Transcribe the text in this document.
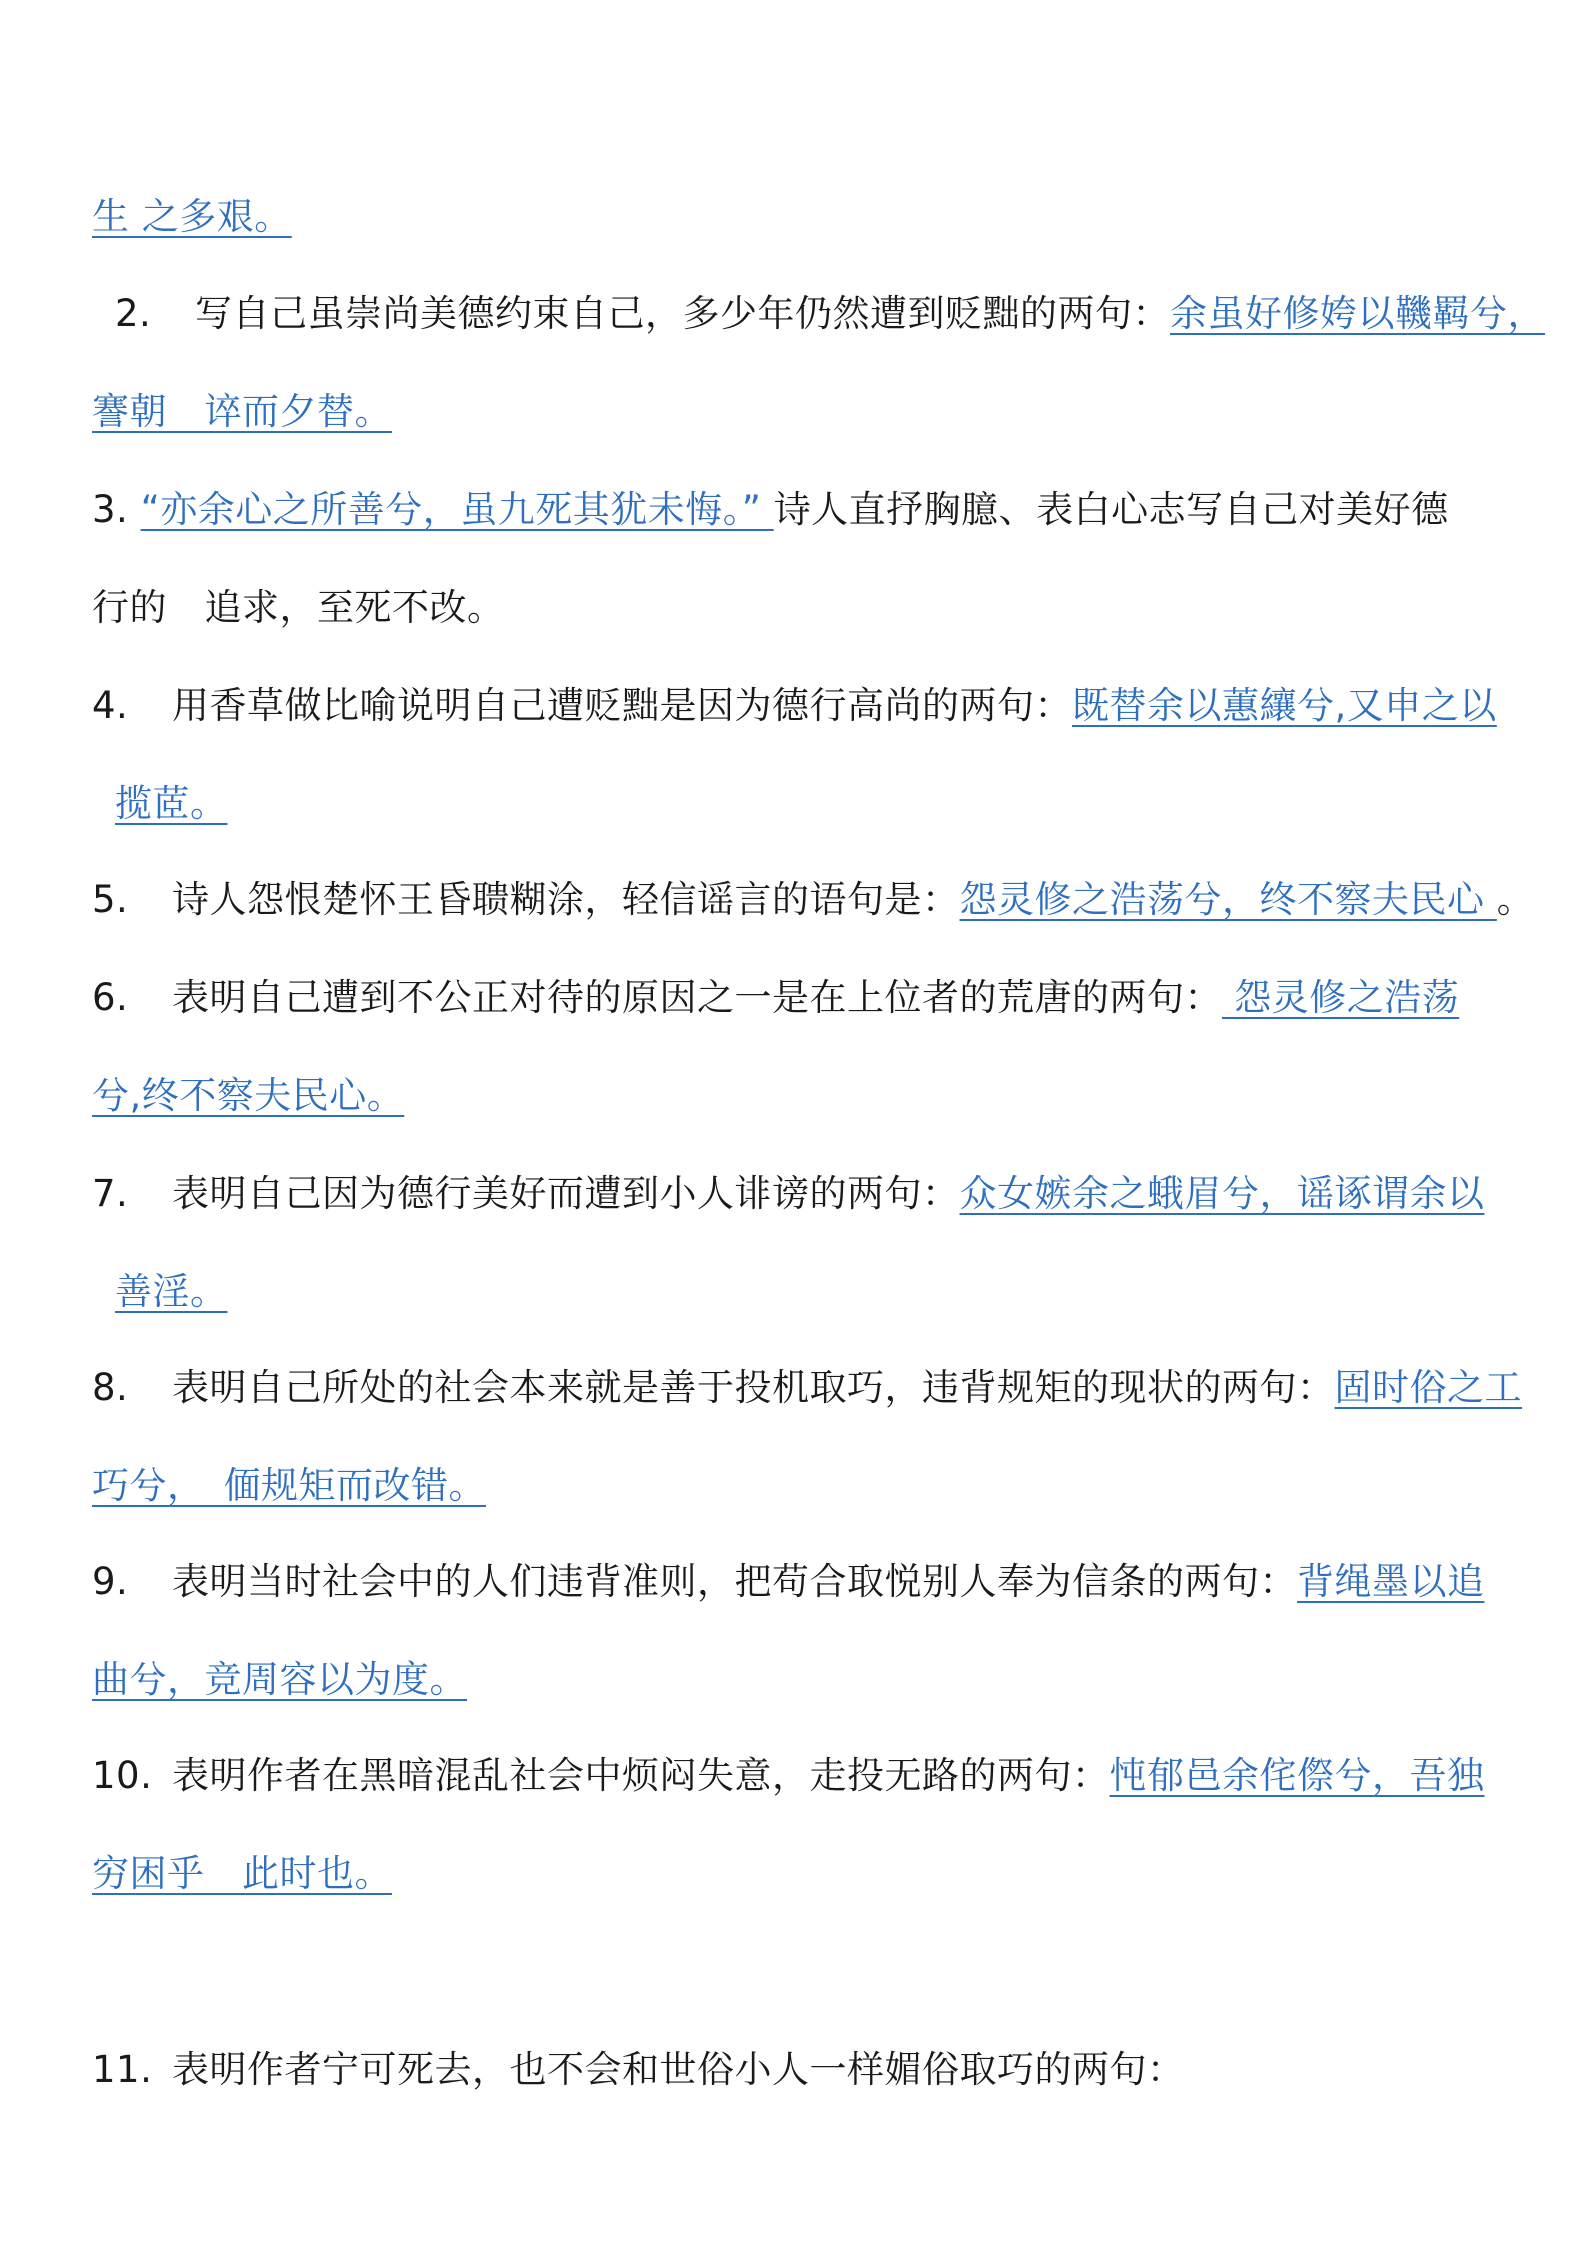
生 之多艰。
2. 写自己虽崇尚美德约束自己，多少年仍然遭到贬黜的两句：余虽好修姱以鞿羁兮，
謇朝　谇而夕替。
3. “亦余心之所善兮，虽九死其犹未悔。” 诗人直抒胸臆、表白心志写自己对美好德
行的　追求，至死不改。
4. 用香草做比喻说明自己遭贬黜是因为德行高尚的两句：既替余以蕙纕兮,又申之以
揽茝。
5. 诗人怨恨楚怀王昏聩糊涂，轻信谣言的语句是：怨灵修之浩荡兮，终不察夫民心 。
6. 表明自己遭到不公正对待的原因之一是在上位者的荒唐的两句： 怨灵修之浩荡
兮,终不察夫民心。
7. 表明自己因为德行美好而遭到小人诽谤的两句：众女嫉余之蛾眉兮，谣诼谓余以
善淫。
8. 表明自己所处的社会本来就是善于投机取巧，违背规矩的现状的两句：固时俗之工
巧兮，　偭规矩而改错。
9. 表明当时社会中的人们违背准则，把苟合取悦别人奉为信条的两句：背绳墨以追
曲兮，竞周容以为度。
10. 表明作者在黑暗混乱社会中烦闷失意，走投无路的两句：忳郁邑余侘傺兮，吾独
穷困乎　此时也。
11. 表明作者宁可死去，也不会和世俗小人一样媚俗取巧的两句：
